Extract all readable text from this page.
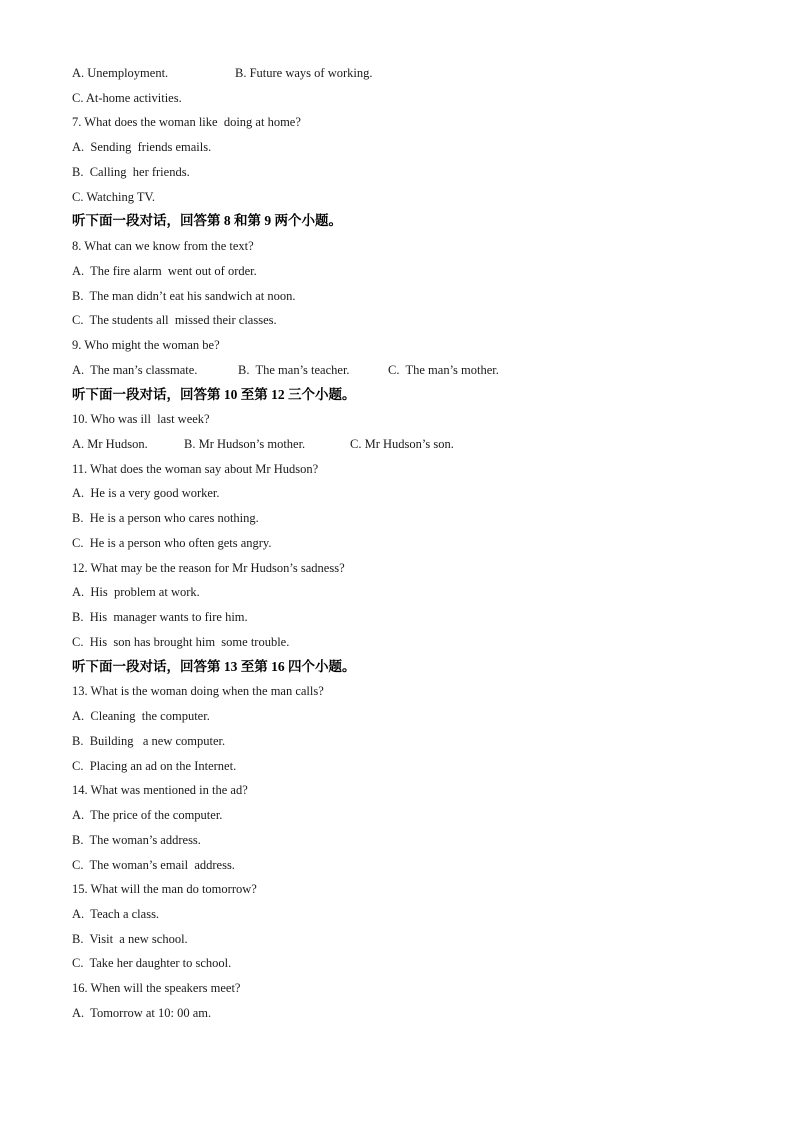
A. Unemployment.	B. Future ways of working.
C. At-home activities.
7. What does the woman like  doing at home?
A.  Sending  friends emails.
B.  Calling  her friends.
C. Watching TV.
听下面一段对话，回答第 8 和第 9 两个小题。
8. What can we know from the text?
A.  The fire alarm  went out of order.
B.  The man didn’t eat his sandwich at noon.
C.  The students all  missed their classes.
9. Who might the woman be?
A.  The man’s classmate.	B.  The man’s teacher.	C.  The man’s mother.
听下面一段对话，回答第 10 至第 12 三个小题。
10. Who was ill  last week?
A. Mr Hudson.	B. Mr Hudson’s mother.	C. Mr Hudson’s son.
11. What does the woman say about Mr Hudson?
A.  He is a very good worker.
B.  He is a person who cares nothing.
C.  He is a person who often gets angry.
12. What may be the reason for Mr Hudson’s sadness?
A.  His  problem at work.
B.  His  manager wants to fire him.
C.  His  son has brought him  some trouble.
听下面一段对话，回答第 13 至第 16 四个小题。
13. What is the woman doing when the man calls?
A.  Cleaning  the computer.
B.  Building   a new computer.
C.  Placing an ad on the Internet.
14. What was mentioned in the ad?
A.  The price of the computer.
B.  The woman’s address.
C.  The woman’s email  address.
15. What will the man do tomorrow?
A.  Teach a class.
B.  Visit  a new school.
C.  Take her daughter to school.
16. When will the speakers meet?
A.  Tomorrow at 10: 00 am.
